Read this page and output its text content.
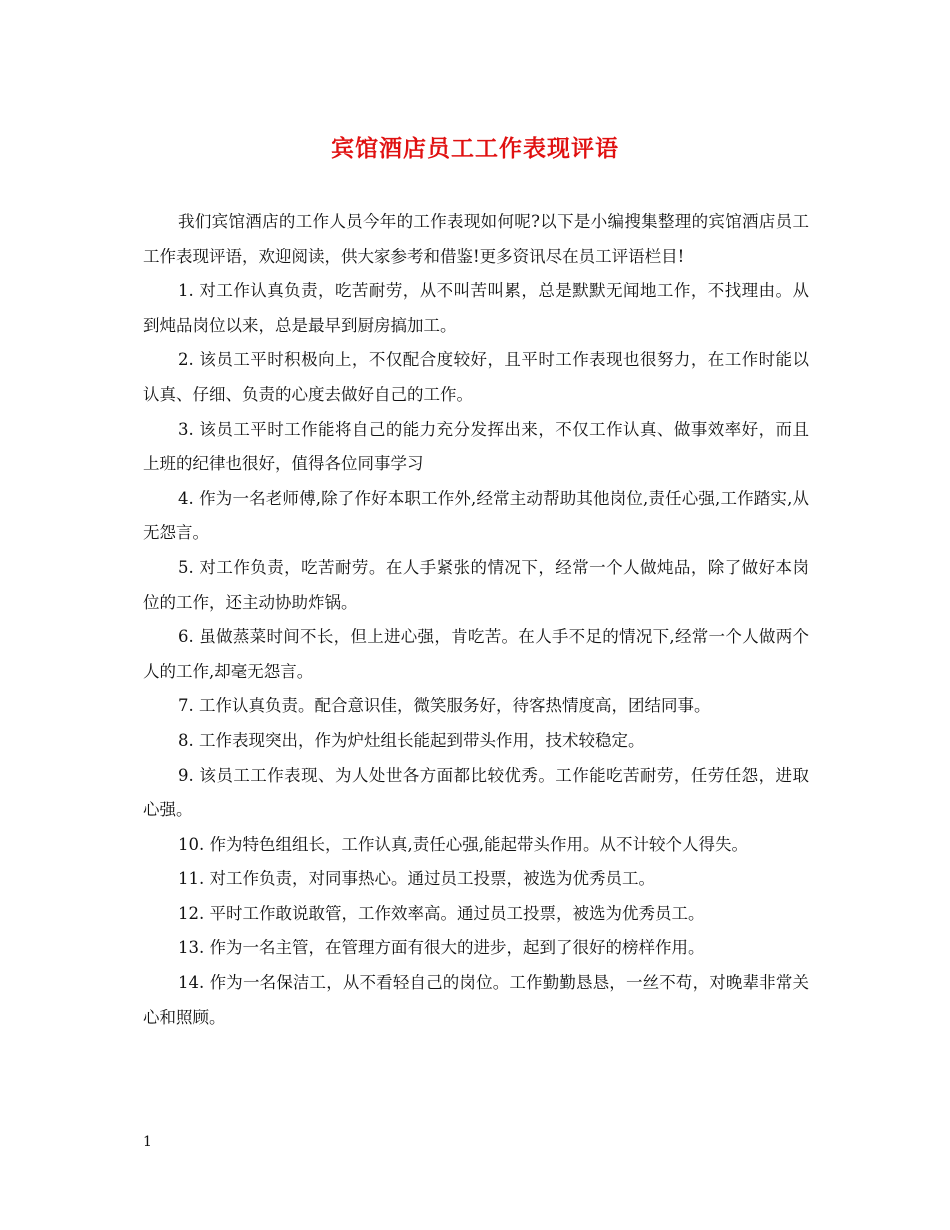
宾馆酒店员工工作表现评语

我们宾馆酒店的工作人员今年的工作表现如何呢?以下是小编搜集整理的宾馆酒店员工工作表现评语，欢迎阅读，供大家参考和借鉴!更多资讯尽在员工评语栏目!

1. 对工作认真负责，吃苦耐劳，从不叫苦叫累，总是默默无闻地工作，不找理由。从到炖品岗位以来，总是最早到厨房搞加工。

2. 该员工平时积极向上，不仅配合度较好，且平时工作表现也很努力，在工作时能以认真、仔细、负责的心度去做好自己的工作。

3. 该员工平时工作能将自己的能力充分发挥出来，不仅工作认真、做事效率好，而且上班的纪律也很好，值得各位同事学习

4. 作为一名老师傅,除了作好本职工作外,经常主动帮助其他岗位,责任心强,工作踏实,从无怨言。

5. 对工作负责，吃苦耐劳。在人手紧张的情况下，经常一个人做炖品，除了做好本岗位的工作，还主动协助炸锅。

6. 虽做蒸菜时间不长，但上进心强，肯吃苦。在人手不足的情况下,经常一个人做两个人的工作,却毫无怨言。

7. 工作认真负责。配合意识佳，微笑服务好，待客热情度高，团结同事。

8. 工作表现突出，作为炉灶组长能起到带头作用，技术较稳定。

9. 该员工工作表现、为人处世各方面都比较优秀。工作能吃苦耐劳，任劳任怨，进取心强。

10. 作为特色组组长，工作认真,责任心强,能起带头作用。从不计较个人得失。

11. 对工作负责，对同事热心。通过员工投票，被选为优秀员工。

12. 平时工作敢说敢管，工作效率高。通过员工投票，被选为优秀员工。

13. 作为一名主管，在管理方面有很大的进步，起到了很好的榜样作用。

14. 作为一名保洁工，从不看轻自己的岗位。工作勤勤恳恳，一丝不苟，对晚辈非常关心和照顾。

1
